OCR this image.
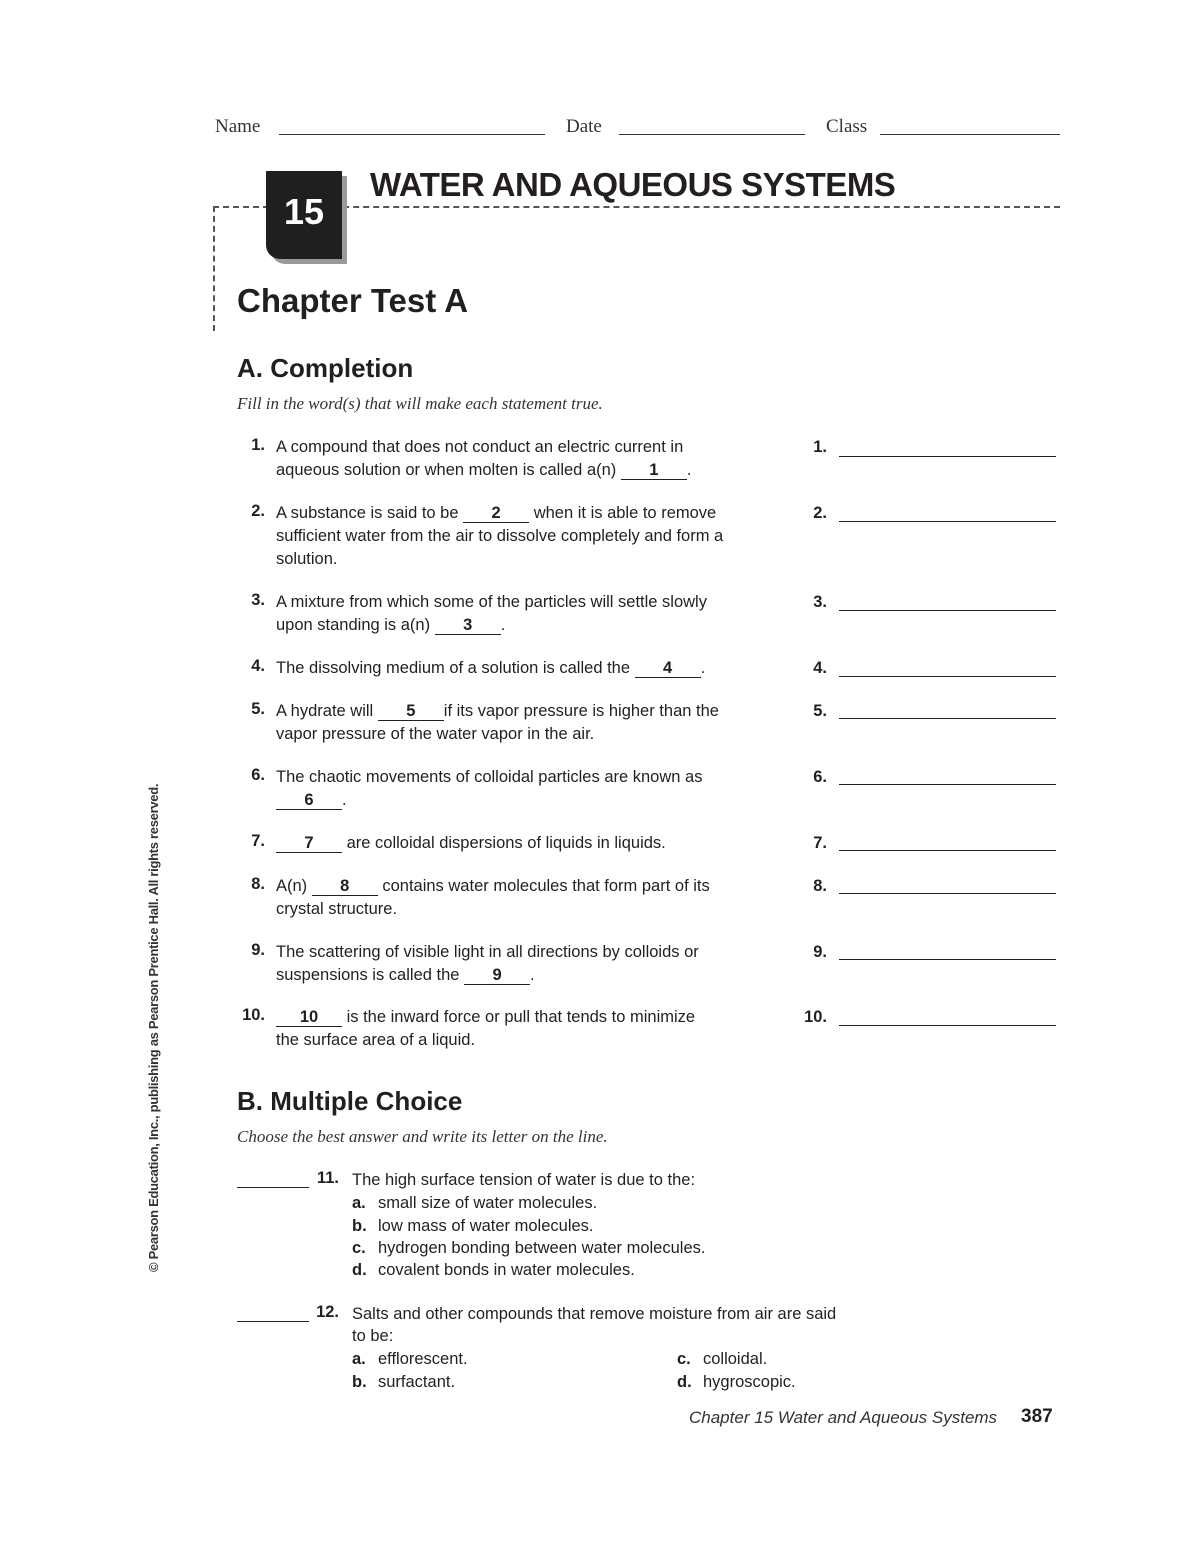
Name	Date	Class
15
WATER AND AQUEOUS SYSTEMS
Chapter Test A
A. Completion
Fill in the word(s) that will make each statement true.
1. A compound that does not conduct an electric current in
aqueous solution or when molten is called a(n) 1 .
2. A substance is said to be 2 when it is able to remove
sufficient water from the air to dissolve completely and form a
solution.
3. A mixture from which some of the particles will settle slowly
upon standing is a(n) 3 .
4. The dissolving medium of a solution is called the 4 .
5. A hydrate will 5 if its vapor pressure is higher than the
vapor pressure of the water vapor in the air.
6. The chaotic movements of colloidal particles are known as
6 .
7.	7 are colloidal dispersions of liquids in liquids.
8. A(n) 8 contains water molecules that form part of its
crystal structure.
9. The scattering of visible light in all directions by colloids or
suspensions is called the 9 .
10.	10 is the inward force or pull that tends to minimize
the surface area of a liquid.
1.
2.
3.
4.
5.
6.
7.
8.
9.
10.
B. Multiple Choice
Choose the best answer and write its letter on the line.
11. The high surface tension of water is due to the:
a. small size of water molecules.
b. low mass of water molecules.
c. hydrogen bonding between water molecules.
d. covalent bonds in water molecules.
12. Salts and other compounds that remove moisture from air are said
to be:
a. efflorescent.
b. surfactant.
c. colloidal.
d. hygroscopic.
Chapter 15 Water and Aqueous Systems 387
© Pearson Education, Inc., publishing as Pearson Prentice Hall. All rights reserved.
